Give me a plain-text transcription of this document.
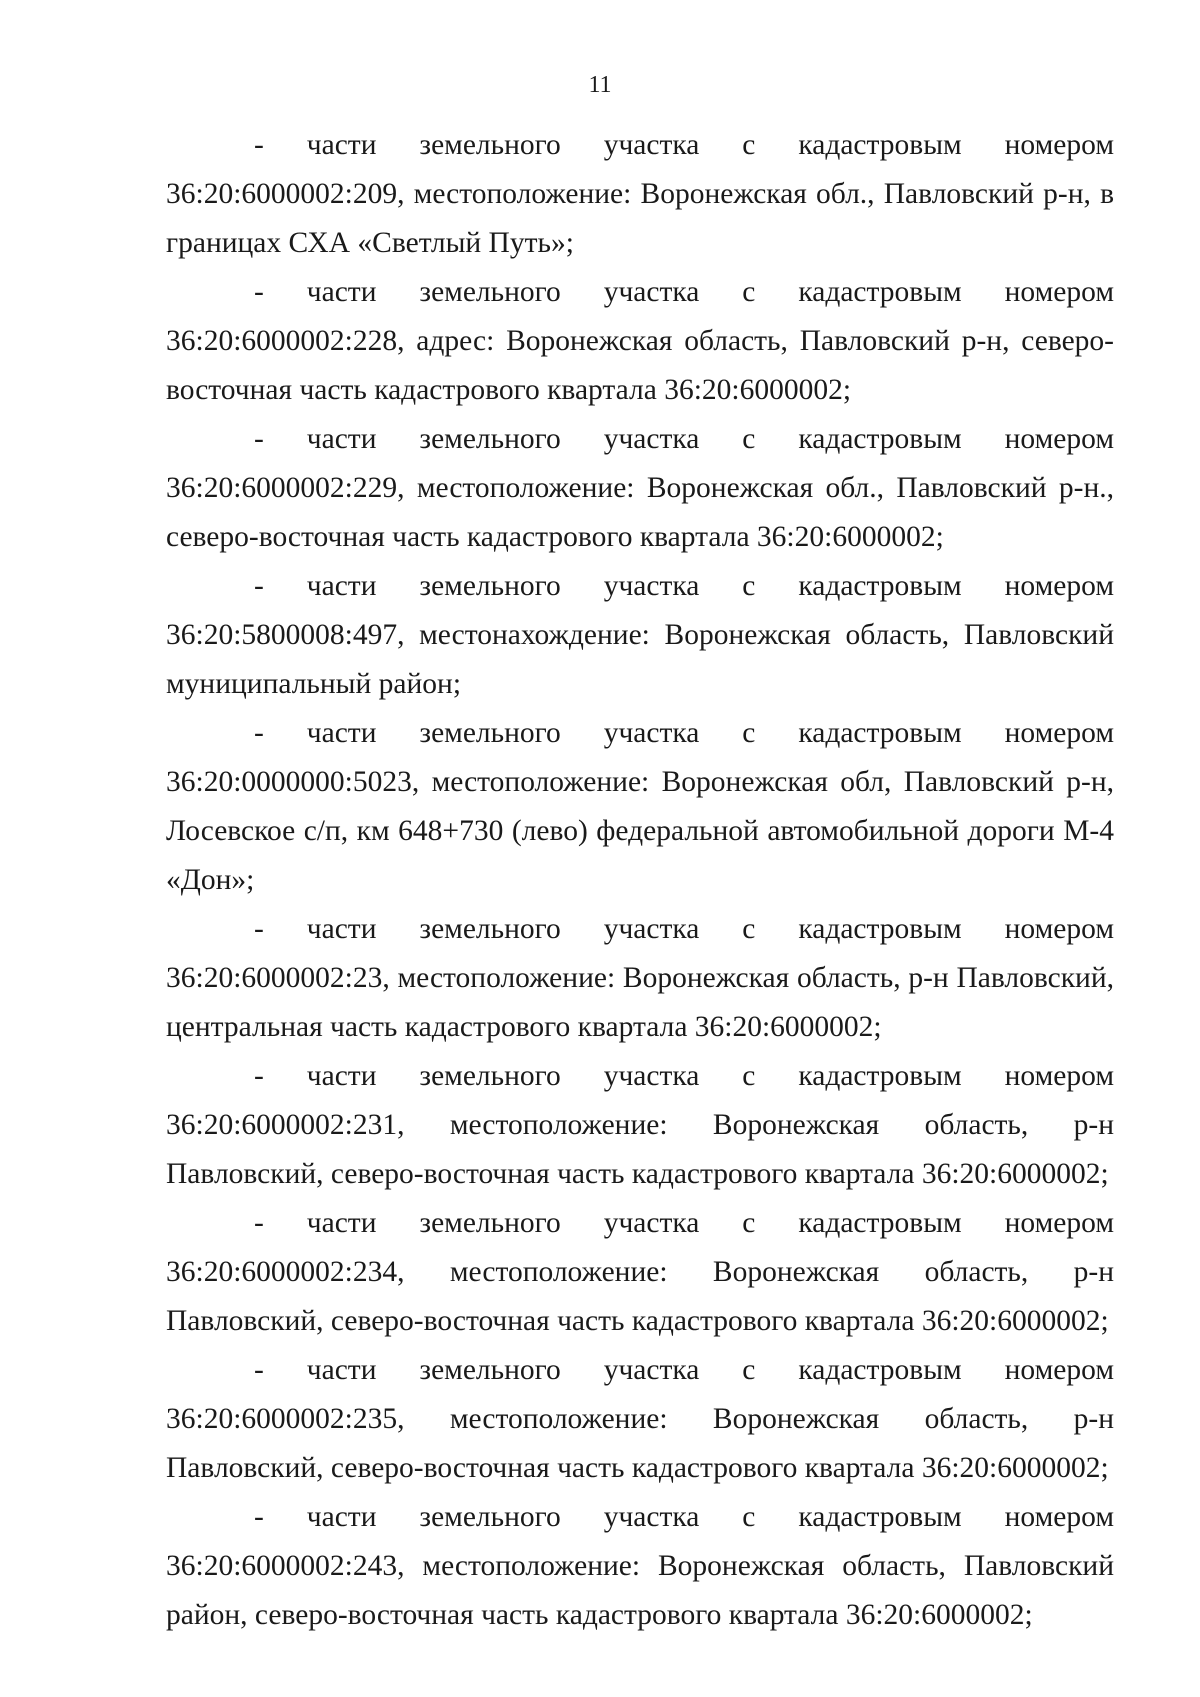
11

- части земельного участка с кадастровым номером 36:20:6000002:209, местоположение: Воронежская обл., Павловский р-н, в границах СХА «Светлый Путь»;

- части земельного участка с кадастровым номером 36:20:6000002:228, адрес: Воронежская область, Павловский р-н, северо-восточная часть кадастрового квартала 36:20:6000002;

- части земельного участка с кадастровым номером 36:20:6000002:229, местоположение: Воронежская обл., Павловский р-н., северо-восточная часть кадастрового квартала 36:20:6000002;

- части земельного участка с кадастровым номером 36:20:5800008:497, местонахождение: Воронежская область, Павловский муниципальный район;

- части земельного участка с кадастровым номером 36:20:0000000:5023, местоположение: Воронежская обл, Павловский р-н, Лосевское с/п, км 648+730 (лево) федеральной автомобильной дороги М-4 «Дон»;

- части земельного участка с кадастровым номером 36:20:6000002:23, местоположение: Воронежская область, р-н Павловский, центральная часть кадастрового квартала 36:20:6000002;

- части земельного участка с кадастровым номером 36:20:6000002:231, местоположение: Воронежская область, р-н Павловский, северо-восточная часть кадастрового квартала 36:20:6000002;

- части земельного участка с кадастровым номером 36:20:6000002:234, местоположение: Воронежская область, р-н Павловский, северо-восточная часть кадастрового квартала 36:20:6000002;

- части земельного участка с кадастровым номером 36:20:6000002:235, местоположение: Воронежская область, р-н Павловский, северо-восточная часть кадастрового квартала 36:20:6000002;

- части земельного участка с кадастровым номером 36:20:6000002:243, местоположение: Воронежская область, Павловский район, северо-восточная часть кадастрового квартала 36:20:6000002;
